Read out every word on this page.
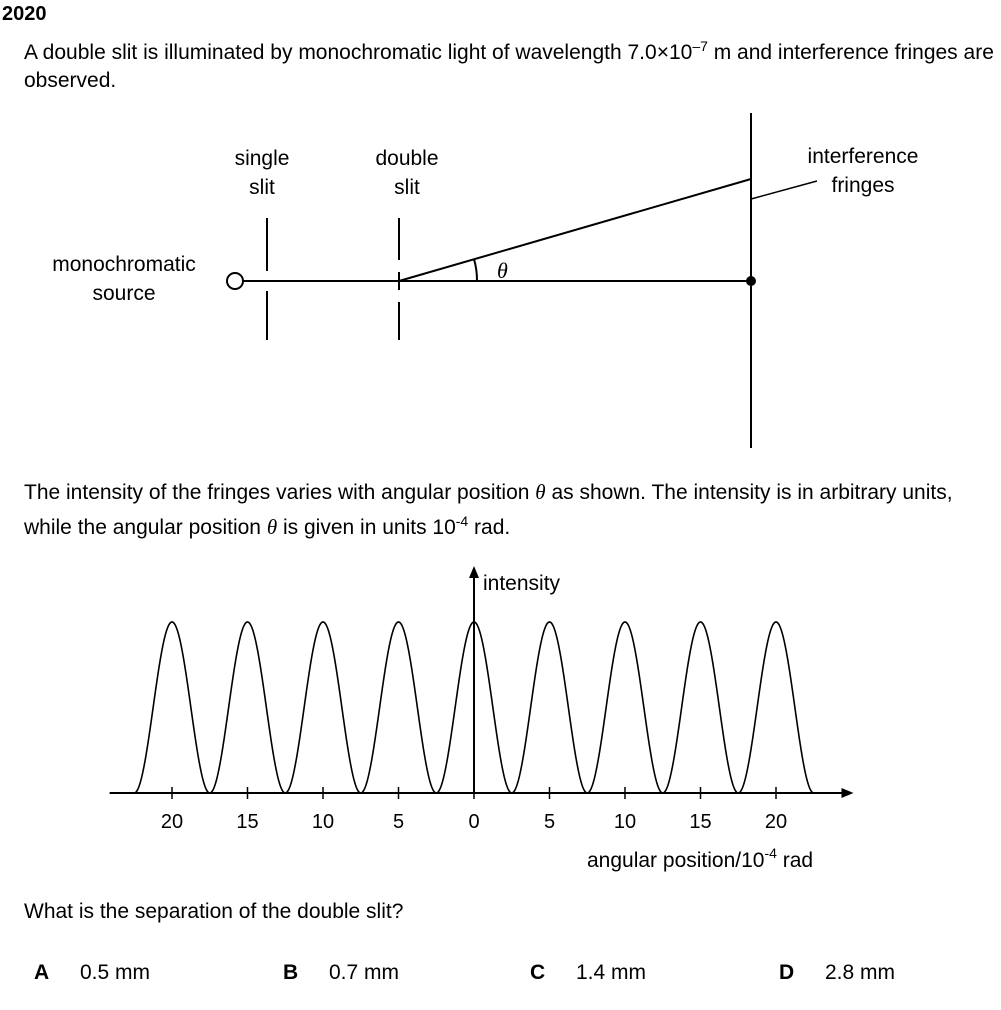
2020

A double slit is illuminated by monochromatic light of wavelength $7.0\times 10^{-7}$ m and interference fringes are observed.

single
slit
double
slit
interference
fringes
monochromatic
source
θ
20	15	10	5	0	5	10	15	20
intensity
angular position/$10^{-4}$ rad

The intensity of the fringes varies with angular position θ as shown. The intensity is in arbitrary units, while the angular position θ is given in units $10^{-4}$ rad.

What is the separation of the double slit?
A 0.5 mm	B 0.7 mm	C 1.4 mm	D 2.8 mm
